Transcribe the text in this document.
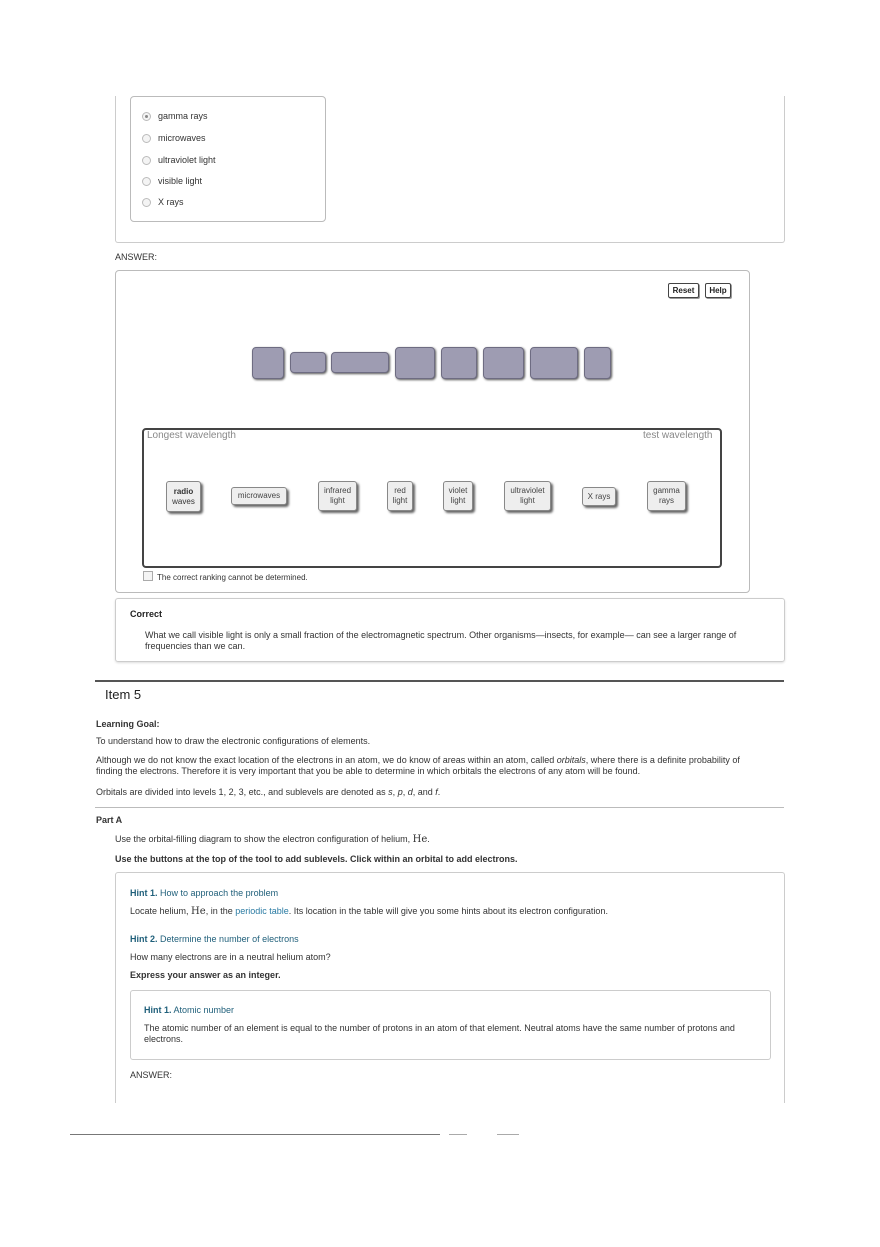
gamma rays
microwaves
ultraviolet light
visible light
X rays
ANSWER:
Reset	Help
Longest wavelength	test wavelength
radio
waves
microwaves
infrared
light
red
light
violet
light
ultraviolet
light	X rays
gamma
rays
The correct ranking cannot be determined.
Correct
What we call visible light is only a small fraction of the electromagnetic spectrum. Other organisms—insects, for example— can see a larger range of frequencies than we can.
Item 5
Learning Goal:
To understand how to draw the electronic configurations of elements.
Although we do not know the exact location of the electrons in an atom, we do know of areas within an atom, called orbitals, where there is a definite probability of finding the electrons. Therefore it is very important that you be able to determine in which orbitals the electrons of any atom will be found.
Orbitals are divided into levels 1, 2, 3, etc., and sublevels are denoted as s, p, d, and f.
Part A
Use the orbital-filling diagram to show the electron configuration of helium, He.
Use the buttons at the top of the tool to add sublevels. Click within an orbital to add electrons.
Hint 1. How to approach the problem
Locate helium, He, in the periodic table. Its location in the table will give you some hints about its electron configuration.
Hint 2. Determine the number of electrons
How many electrons are in a neutral helium atom?
Express your answer as an integer.
Hint 1. Atomic number
The atomic number of an element is equal to the number of protons in an atom of that element. Neutral atoms have the same number of protons and electrons.
ANSWER:
